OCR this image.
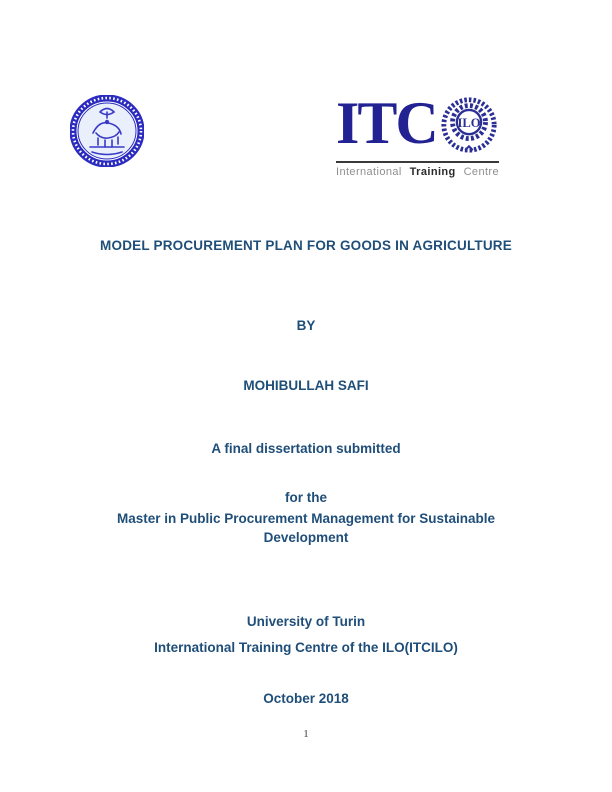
ITC ILO
International Training Centre
MODEL PROCUREMENT PLAN FOR GOODS IN AGRICULTURE
BY
MOHIBULLAH SAFI
A final dissertation submitted
for the
Master in Public Procurement Management for Sustainable Development
University of Turin
International Training Centre of the ILO(ITCILO)
October 2018
1
